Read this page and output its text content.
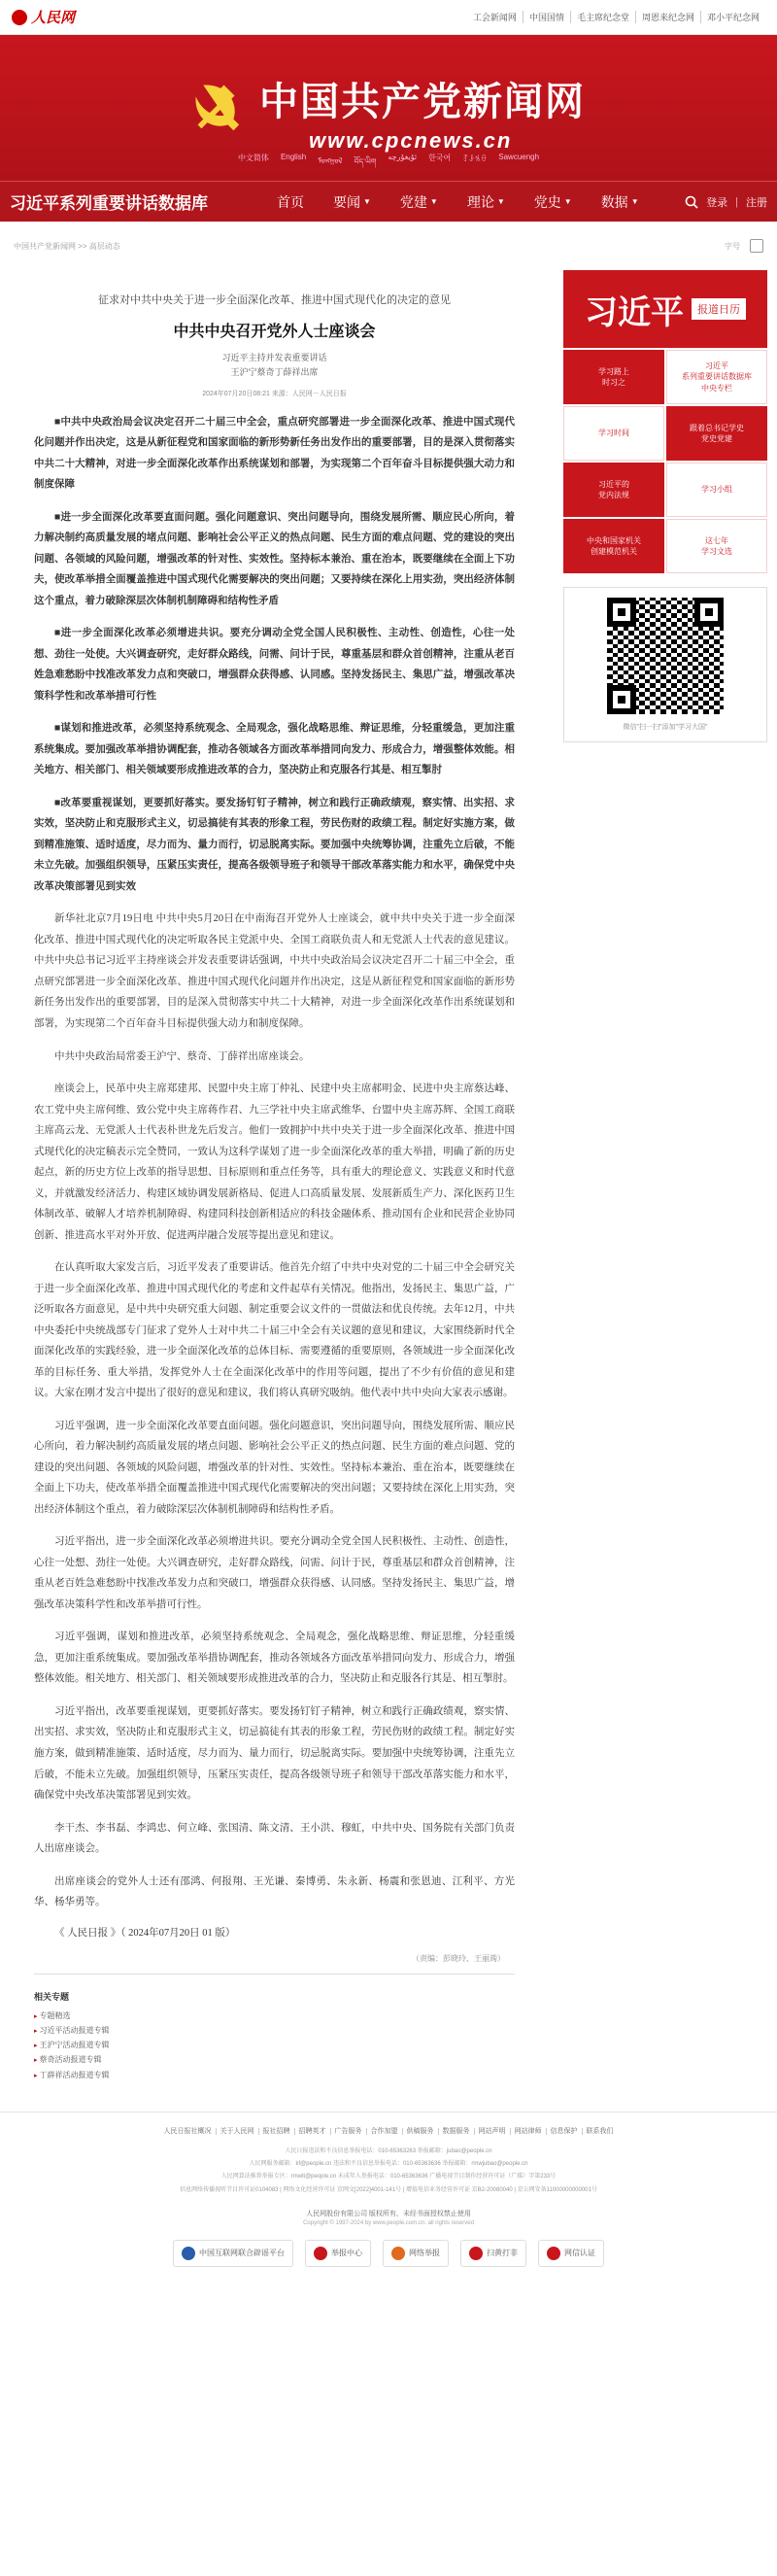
人民网	工会新闻网	中国国情	毛主席纪念堂	周恩来纪念网	邓小平纪念网
中国共产党新闻网
www.cpcnews.cn
中文简体 English ᠮᠣᠩᠭᠣᠯ བོད་ཡིག
ئۇيغۇرچە 한국어 ꆈꌠꁱꂷ Sawcuengh
习近平系列重要讲话数据库	首页 要闻 ▼ 党建 ▼ 理论 ▼ 党史 ▼ 数据 ▼	登录 | 注册
中国共产党新闻网 >> 高层动态	字号
征求对中共中央关于进一步全面深化改革、推进中国式现代化的决定的意见
中共中央召开党外人士座谈会
习近平主持并发表重要讲话
王沪宁蔡奇丁薛祥出席
2024年07月20日08:21 来源：人民网－人民日报

■中共中央政治局会议决定召开二十届三中全会，重点研究部署进一步全面深化改革、推进中国式现代化问题并作出决定，这是从新征程党和国家面临的新形势新任务出发作出的重要部署，目的是深入贯彻落实中共二十大精神，对进一步全面深化改革作出系统谋划和部署，为实现第二个百年奋斗目标提供强大动力和制度保障

■进一步全面深化改革要直面问题。强化问题意识、突出问题导向，围绕发展所需、顺应民心所向，着力解决制约高质量发展的堵点问题、影响社会公平正义的热点问题、民生方面的难点问题、党的建设的突出问题、各领域的风险问题，增强改革的针对性、实效性。坚持标本兼治、重在治本，既要继续在全面上下功夫，使改革举措全面覆盖推进中国式现代化需要解决的突出问题；又要持续在深化上用实劲，突出经济体制这个重点，着力破除深层次体制机制障碍和结构性矛盾

■进一步全面深化改革必须增进共识。要充分调动全党全国人民积极性、主动性、创造性，心往一处想、劲往一处使。大兴调查研究，走好群众路线，问需、问计于民，尊重基层和群众首创精神，注重从老百姓急难愁盼中找准改革发力点和突破口，增强群众获得感、认同感。坚持发扬民主、集思广益，增强改革决策科学性和改革举措可行性

■谋划和推进改革，必须坚持系统观念、全局观念，强化战略思维、辩证思维，分轻重缓急，更加注重系统集成。要加强改革举措协调配套，推动各领域各方面改革举措同向发力、形成合力，增强整体效能。相关地方、相关部门、相关领域要形成推进改革的合力，坚决防止和克服各行其是、相互掣肘

■改革要重视谋划，更要抓好落实。要发扬钉钉子精神，树立和践行正确政绩观，察实情、出实招、求实效，坚决防止和克服形式主义，切忌搞徒有其表的形象工程，劳民伤财的政绩工程。制定好实施方案，做到精准施策、适时适度，尽力而为、量力而行，切忌脱离实际。要加强中央统筹协调，注重先立后破，不能未立先破。加强组织领导，压紧压实责任，提高各级领导班子和领导干部改革落实能力和水平，确保党中央改革决策部署见到实效

新华社北京7月19日电 中共中央5月20日在中南海召开党外人士座谈会，就中共中央关于进一步全面深化改革、推进中国式现代化的决定听取各民主党派中央、全国工商联负责人和无党派人士代表的意见建议。中共中央总书记习近平主持座谈会并发表重要讲话强调，中共中央政治局会议决定召开二十届三中全会，重点研究部署进一步全面深化改革、推进中国式现代化问题并作出决定，这是从新征程党和国家面临的新形势新任务出发作出的重要部署，目的是深入贯彻落实中共二十大精神，对进一步全面深化改革作出系统谋划和部署，为实现第二个百年奋斗目标提供强大动力和制度保障。

中共中央政治局常委王沪宁、蔡奇、丁薛祥出席座谈会。

座谈会上，民革中央主席郑建邦、民盟中央主席丁仲礼、民建中央主席郝明金、民进中央主席蔡达峰、农工党中央主席何维、致公党中央主席蒋作君、九三学社中央主席武维华、台盟中央主席苏辉、全国工商联主席高云龙、无党派人士代表朴世龙先后发言。他们一致拥护中共中央关于进一步全面深化改革、推进中国式现代化的决定稿表示完全赞同，一致认为这科学谋划了进一步全面深化改革的重大举措，明确了新的历史起点，新的历史方位上改革的指导思想、目标原则和重点任务等，具有重大的理论意义、实践意义和时代意义，并就激发经济活力、构建区域协调发展新格局、促进人口高质量发展、发展新质生产力、深化医药卫生体制改革、破解人才培养机制障碍、构建同科技创新相适应的科技金融体系、推动国有企业和民营企业协同创新、推进高水平对外开放、促进两岸融合发展等提出意见和建议。

在认真听取大家发言后，习近平发表了重要讲话。他首先介绍了中共中央对党的二十届三中全会研究关于进一步全面深化改革、推进中国式现代化的考虑和文件起草有关情况。他指出，发扬民主、集思广益，广泛听取各方面意见，是中共中央研究重大问题、制定重要会议文件的一贯做法和优良传统。去年12月，中共中央委托中央统战部专门征求了党外人士对中共二十届三中全会有关议题的意见和建议，大家围绕新时代全面深化改革的实践经验，进一步全面深化改革的总体目标、需要遵循的重要原则，各领域进一步全面深化改革的目标任务、重大举措，发挥党外人士在全面深化改革中的作用等问题，提出了不少有价值的意见和建议。大家在刚才发言中提出了很好的意见和建议，我们将认真研究吸纳。他代表中共中央向大家表示感谢。

习近平强调，进一步全面深化改革要直面问题。强化问题意识，突出问题导向，围绕发展所需、顺应民心所向，着力解决制约高质量发展的堵点问题、影响社会公平正义的热点问题、民生方面的难点问题、党的建设的突出问题、各领域的风险问题，增强改革的针对性、实效性。坚持标本兼治、重在治本，既要继续在全面上下功夫，使改革举措全面覆盖推进中国式现代化需要解决的突出问题；又要持续在深化上用实劲，突出经济体制这个重点，着力破除深层次体制机制障碍和结构性矛盾。

习近平指出，进一步全面深化改革必须增进共识。要充分调动全党全国人民积极性、主动性、创造性，心往一处想、劲往一处使。大兴调查研究，走好群众路线，问需、问计于民，尊重基层和群众首创精神，注重从老百姓急难愁盼中找准改革发力点和突破口，增强群众获得感、认同感。坚持发扬民主、集思广益，增强改革决策科学性和改革举措可行性。

习近平强调，谋划和推进改革，必须坚持系统观念、全局观念，强化战略思维、辩证思维，分轻重缓急，更加注重系统集成。要加强改革举措协调配套，推动各领域各方面改革举措同向发力、形成合力，增强整体效能。相关地方、相关部门、相关领域要形成推进改革的合力，坚决防止和克服各行其是、相互掣肘。

习近平指出，改革要重视谋划，更要抓好落实。要发扬钉钉子精神，树立和践行正确政绩观，察实情、出实招、求实效，坚决防止和克服形式主义，切忌搞徒有其表的形象工程，劳民伤财的政绩工程。制定好实施方案，做到精准施策、适时适度，尽力而为、量力而行，切忌脱离实际。要加强中央统筹协调，注重先立后破，不能未立先破。加强组织领导，压紧压实责任，提高各级领导班子和领导干部改革落实能力和水平，确保党中央改革决策部署见到实效。

李干杰、李书磊、李鸿忠、何立峰、张国清、陈文清、王小洪、穆虹，中共中央、国务院有关部门负责人出席座谈会。

出席座谈会的党外人士还有邵鸿、何报翔、王光谦、秦博勇、朱永新、杨震和张恩迪、江利平、方光华、杨华勇等。

《 人民日报 》（ 2024年07月20日 01 版）
（责编：彭晓玲、王丽蒟）
相关专题
▸ 专题精选
▸ 习近平活动报道专辑
▸ 王沪宁活动报道专辑
▸ 蔡奇活动报道专辑
▸ 丁薛祥活动报道专辑
习近平	报道日历
学习路上
时习之
习近平
系列重要讲话数据库
中央专栏
学习时间
跟着总书记学史
党史党建
习近平的
党内法规
学习小组
中央和国家机关
创建模范机关
这七年
学习文选
微信"扫一扫"添加"学习大国"
人民日报社概况 关于人民网 报社招聘 招聘英才 广告服务 合作加盟 供稿服务 数据服务 网站声明 网站律师 信息保护 联系我们
人民日报违法和不良信息举报电话：010-65363263 举报邮箱：jubao@people.cn
人民网服务邮箱：kf@people.cn 违法和不良信息举报电话：010-65363636 举报邮箱：rmwjubao@people.cn
人民网算法推荐举报专区：rmwlt@people.cn 未成年人举报电话：010-65363636 广播电视节目制作经营许可证（广媒）字第233号
信息网络传播视听节目许可证0104083 | 网络文化经营许可证 京网文[2022]4001-141号 | 增值电信业务经营许可证 京B2-20080040 | 京公网安备11000000000001号
人民网股份有限公司 版权所有，未经书面授权禁止使用
Copyright © 1997-2024 by www.people.com.cn. all rights reserved
中国互联网联合辟谣平台	举报中心	网络举报	扫黄打非	网信认证
